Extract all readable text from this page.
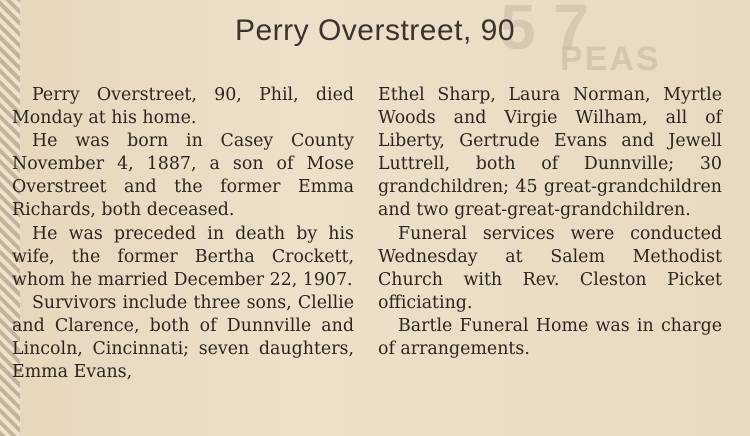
5 7
PEAS
Perry Overstreet, 90

Perry Overstreet, 90, Phil, died Monday at his home.

He was born in Casey County November 4, 1887, a son of Mose Overstreet and the former Emma Richards, both deceased.

He was preceded in death by his wife, the former Bertha Crockett, whom he married December 22, 1907.

Survivors include three sons, Clellie and Clarence, both of Dunnville and Lincoln, Cincinnati; seven daughters, Emma Evans,

Ethel Sharp, Laura Norman, Myrtle Woods and Virgie Wilham, all of Liberty, Gertrude Evans and Jewell Luttrell, both of Dunnville; 30 grandchildren; 45 great-grandchildren and two great-great-grandchildren.

Funeral services were conducted Wednesday at Salem Methodist Church with Rev. Cleston Picket officiating.

Bartle Funeral Home was in charge of arrangements.
